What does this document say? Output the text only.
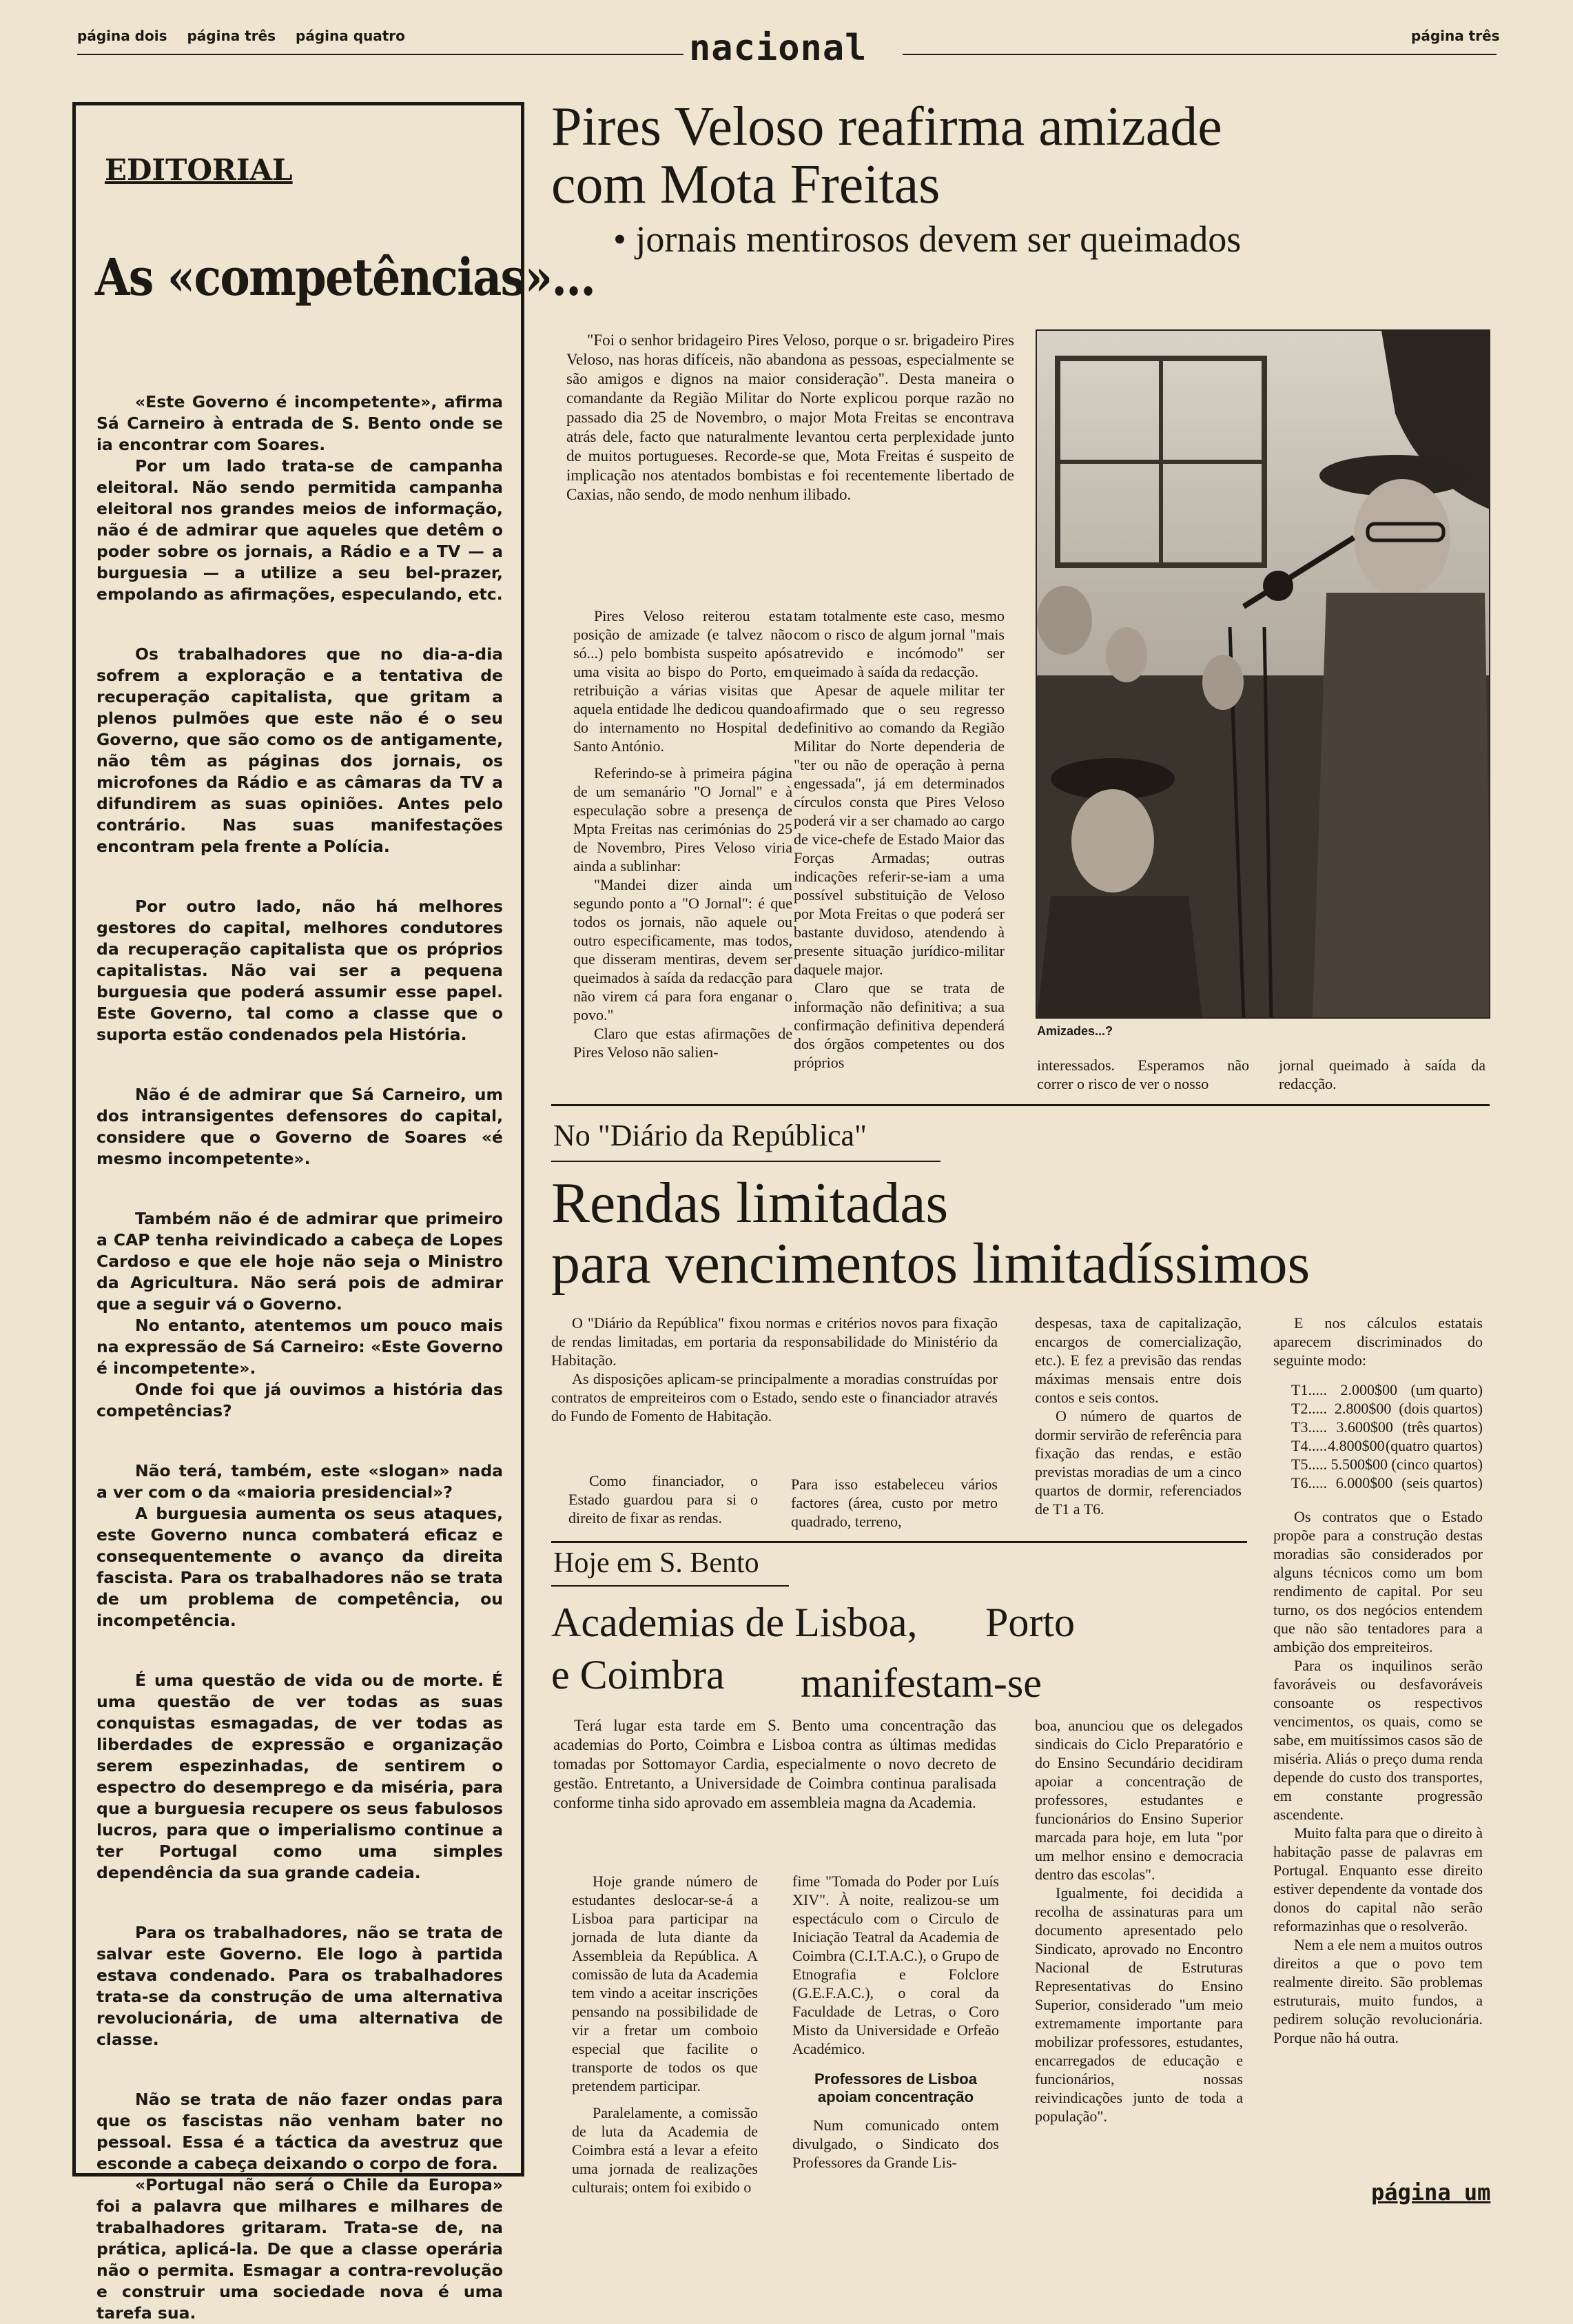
página dois página três página quatro	nacional	página três
EDITORIAL
As «competências»...

«Este Governo é incompetente», afirma Sá Carneiro à entrada de S. Bento onde se ia encontrar com Soares.

Por um lado trata-se de campanha eleitoral. Não sendo permitida campanha eleitoral nos grandes meios de informação, não é de admirar que aqueles que detêm o poder sobre os jornais, a Rádio e a TV — a burguesia — a utilize a seu bel-prazer, empolando as afirmações, especulando, etc.

Os trabalhadores que no dia-a-dia sofrem a exploração e a tentativa de recuperação capitalista, que gritam a plenos pulmões que este não é o seu Governo, que são como os de antigamente, não têm as páginas dos jornais, os microfones da Rádio e as câmaras da TV a difundirem as suas opiniões. Antes pelo contrário. Nas suas manifestações encontram pela frente a Polícia.

Por outro lado, não há melhores gestores do capital, melhores condutores da recuperação capitalista que os próprios capitalistas. Não vai ser a pequena burguesia que poderá assumir esse papel. Este Governo, tal como a classe que o suporta estão condenados pela História.

Não é de admirar que Sá Carneiro, um dos intransigentes defensores do capital, considere que o Governo de Soares «é mesmo incompetente».

Também não é de admirar que primeiro a CAP tenha reivindicado a cabeça de Lopes Cardoso e que ele hoje não seja o Ministro da Agricultura. Não será pois de admirar que a seguir vá o Governo.

No entanto, atentemos um pouco mais na expressão de Sá Carneiro: «Este Governo é incompetente».

Onde foi que já ouvimos a história das competências?

Não terá, também, este «slogan» nada a ver com o da «maioria presidencial»?

A burguesia aumenta os seus ataques, este Governo nunca combaterá eficaz e consequentemente o avanço da direita fascista. Para os trabalhadores não se trata de um problema de competência, ou incompetência.

É uma questão de vida ou de morte. É uma questão de ver todas as suas conquistas esmagadas, de ver todas as liberdades de expressão e organização serem espezinhadas, de sentirem o espectro do desemprego e da miséria, para que a burguesia recupere os seus fabulosos lucros, para que o imperialismo continue a ter Portugal como uma simples dependência da sua grande cadeia.

Para os trabalhadores, não se trata de salvar este Governo. Ele logo à partida estava condenado. Para os trabalhadores trata-se da construção de uma alternativa revolucionária, de uma alternativa de classe.

Não se trata de não fazer ondas para que os fascistas não venham bater no pessoal. Essa é a táctica da avestruz que esconde a cabeça deixando o corpo de fora.

«Portugal não será o Chile da Europa» foi a palavra que milhares e milhares de trabalhadores gritaram. Trata-se de, na prática, aplicá-la. De que a classe operária não o permita. Esmagar a contra-revolução e construir uma sociedade nova é uma tarefa sua.

Pires Veloso reafirma amizade
com Mota Freitas
• jornais mentirosos devem ser queimados

"Foi o senhor bridageiro Pires Veloso, porque o sr. brigadeiro Pires Veloso, nas horas difíceis, não abandona as pessoas, especialmente se são amigos e dignos na maior consideração". Desta maneira o comandante da Região Militar do Norte explicou porque razão no passado dia 25 de Novembro, o major Mota Freitas se encontrava atrás dele, facto que naturalmente levantou certa perplexidade junto de muitos portugueses. Recorde-se que, Mota Freitas é suspeito de implicação nos atentados bombistas e foi recentemente libertado de Caxias, não sendo, de modo nenhum ilibado.

Pires Veloso reiterou esta posição de amizade (e talvez não só...) pelo bombista suspeito após uma visita ao bispo do Porto, em retribuição a várias visitas que aquela entidade lhe dedicou quando do internamento no Hospital de Santo António.

Referindo-se à primeira página de um semanário "O Jornal" e à especulação sobre a presença de Mpta Freitas nas cerimónias do 25 de Novembro, Pires Veloso viria ainda a sublinhar:

"Mandei dizer ainda um segundo ponto a "O Jornal": é que todos os jornais, não aquele ou outro especificamente, mas todos, que disseram mentiras, devem ser queimados à saída da redacção para não virem cá para fora enganar o povo."

Claro que estas afirmações de Pires Veloso não salien-

tam totalmente este caso, mesmo com o risco de algum jornal "mais atrevido e incómodo" ser queimado à saída da redacção.

Apesar de aquele militar ter afirmado que o seu regresso definitivo ao comando da Região Militar do Norte dependeria de "ter ou não de operação à perna engessada", já em determinados círculos consta que Pires Veloso poderá vir a ser chamado ao cargo de vice-chefe de Estado Maior das Forças Armadas; outras indicações referir-se-iam a uma possível substituição de Veloso por Mota Freitas o que poderá ser bastante duvidoso, atendendo à presente situação jurídico-militar daquele major.

Claro que se trata de informação não definitiva; a sua confirmação definitiva dependerá dos órgãos competentes ou dos próprios

Amizades...?

interessados. Esperamos não correr o risco de ver o nosso

jornal queimado à saída da redacção.

No "Diário da República"
Rendas limitadas
para vencimentos limitadíssimos

O "Diário da República" fixou normas e critérios novos para fixação de rendas limitadas, em portaria da responsabilidade do Ministério da Habitação.

As disposições aplicam-se principalmente a moradias construídas por contratos de empreiteiros com o Estado, sendo este o financiador através do Fundo de Fomento de Habitação.

Como financiador, o Estado guardou para si o direito de fixar as rendas.

Para isso estabeleceu vários factores (área, custo por metro quadrado, terreno,

despesas, taxa de capitalização, encargos de comercialização, etc.). E fez a previsão das rendas máximas mensais entre dois contos e seis contos.

O número de quartos de dormir servirão de referência para fixação das rendas, e estão previstas moradias de um a cinco quartos de dormir, referenciados de T1 a T6.

E nos cálculos estatais aparecem discriminados do seguinte modo:

T1..... 2.000$00 (um quarto)
T2..... 2.800$00 (dois quartos)
T3..... 3.600$00 (três quartos)
T4..... 4.800$00 (quatro quartos)
T5..... 5.500$00 (cinco quartos)
T6..... 6.000$00 (seis quartos)

Os contratos que o Estado propõe para a construção destas moradias são considerados por alguns técnicos como um bom rendimento de capital. Por seu turno, os dos negócios entendem que não são tentadores para a ambição dos empreiteiros.

Para os inquilinos serão favoráveis ou desfavoráveis consoante os respectivos vencimentos, os quais, como se sabe, em muitíssimos casos são de miséria. Aliás o preço duma renda depende do custo dos transportes, em constante progressão ascendente.

Muito falta para que o direito à habitação passe de palavras em Portugal. Enquanto esse direito estiver dependente da vontade dos donos do capital não serão reformazinhas que o resolverão.

Nem a ele nem a muitos outros direitos a que o povo tem realmente direito. São problemas estruturais, muito fundos, a pedirem solução revolucionária. Porque não há outra.

Hoje em S. Bento
Academias de Lisboa, Porto
e Coimbra manifestam-se

Terá lugar esta tarde em S. Bento uma concentração das academias do Porto, Coimbra e Lisboa contra as últimas medidas tomadas por Sottomayor Cardia, especialmente o novo decreto de gestão. Entretanto, a Universidade de Coimbra continua paralisada conforme tinha sido aprovado em assembleia magna da Academia.

Hoje grande número de estudantes deslocar-se-á a Lisboa para participar na jornada de luta diante da Assembleia da República. A comissão de luta da Academia tem vindo a aceitar inscrições pensando na possibilidade de vir a fretar um comboio especial que facilite o transporte de todos os que pretendem participar.

Paralelamente, a comissão de luta da Academia de Coimbra está a levar a efeito uma jornada de realizações culturais; ontem foi exibido o

fime "Tomada do Poder por Luís XIV". À noite, realizou-se um espectáculo com o Circulo de Iniciação Teatral da Academia de Coimbra (C.I.T.A.C.), o Grupo de Etnografia e Folclore (G.E.F.A.C.), o coral da Faculdade de Letras, o Coro Misto da Universidade e Orfeão Académico.

Professores de Lisboa apoiam concentração

Num comunicado ontem divulgado, o Sindicato dos Professores da Grande Lis-

boa, anunciou que os delegados sindicais do Ciclo Preparatório e do Ensino Secundário decidiram apoiar a concentração de professores, estudantes e funcionários do Ensino Superior marcada para hoje, em luta "por um melhor ensino e democracia dentro das escolas".

Igualmente, foi decidida a recolha de assinaturas para um documento apresentado pelo Sindicato, aprovado no Encontro Nacional de Estruturas Representativas do Ensino Superior, considerado "um meio extremamente importante para mobilizar professores, estudantes, encarregados de educação e funcionários, nossas reivindicações junto de toda a população".

página um
